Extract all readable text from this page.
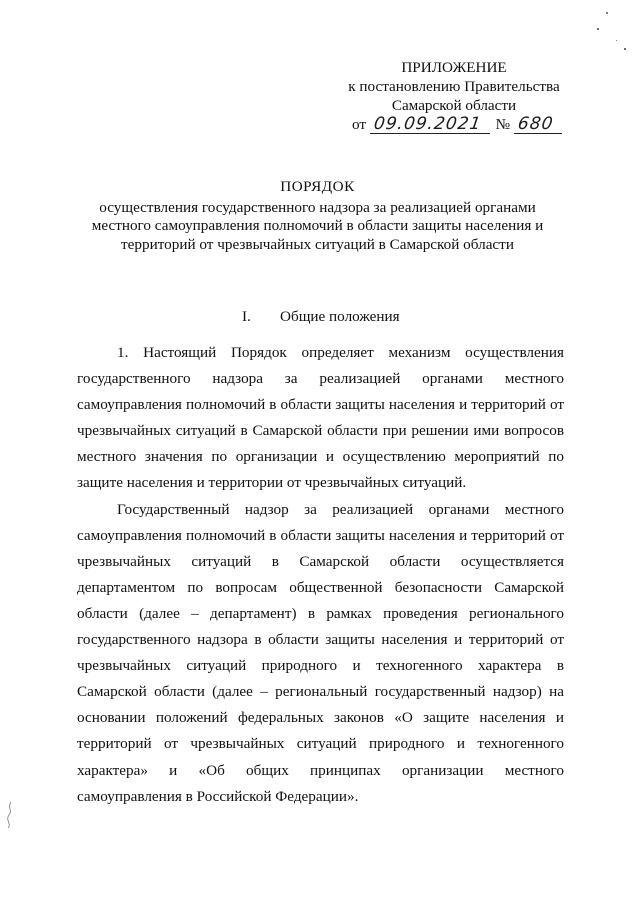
ПРИЛОЖЕНИЕ
к постановлению Правительства
Самарской области
от 09.09.2021 № 680
ПОРЯДОК
осуществления государственного надзора за реализацией органами
местного самоуправления полномочий в области защиты населения и
территорий от чрезвычайных ситуаций в Самарской области
I. Общие положения

1. Настоящий Порядок определяет механизм осуществления государственного надзора за реализацией органами местного самоуправления полномочий в области защиты населения и территорий от чрезвычайных ситуаций в Самарской области при решении ими вопросов местного значения по организации и осуществлению мероприятий по защите населения и территории от чрезвычайных ситуаций.

Государственный надзор за реализацией органами местного самоуправления полномочий в области защиты населения и территорий от чрезвычайных ситуаций в Самарской области осуществляется департаментом по вопросам общественной безопасности Самарской области (далее – департамент) в рамках проведения регионального государственного надзора в области защиты населения и территорий от чрезвычайных ситуаций природного и техногенного характера в Самарской области (далее – региональный государственный надзор) на основании положений федеральных законов «О защите населения и территорий от чрезвычайных ситуаций природного и техногенного характера» и «Об общих принципах организации местного самоуправления в Российской Федерации».
